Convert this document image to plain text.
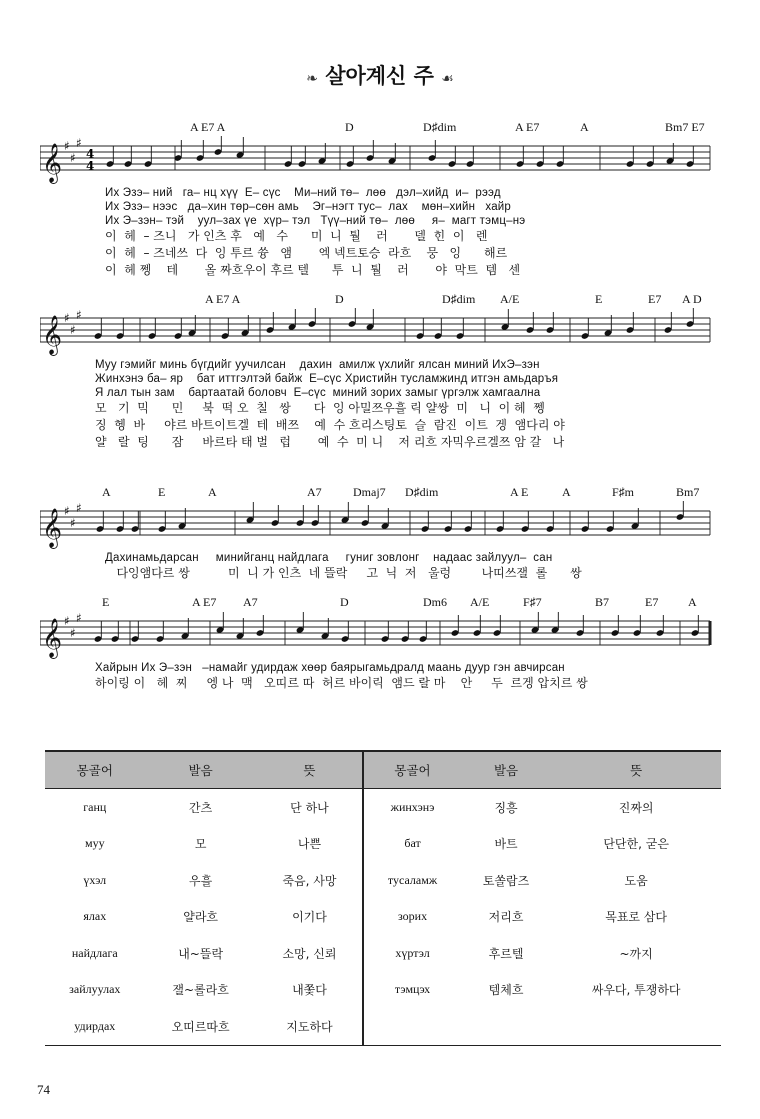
❧ 살아계신 주 ☙
A E7 A	D	D♯dim	A E7	A	Bm7 E7
𝄞 ♯
♯
♯
4
4
Их Эзэ– ний   га– нц хүү  Е– сүс    Ми–ний тө–  лөө   дэл–хийд  и–  рээд
Их Эзэ– нээс   да–хин төр–сөн амь    Эг–нэгт тус–  лах    мөн–хийн   хайр
Их Э–зэн– тэй    уул–зах үе  хүр– тэл   Түү–ний тө–  лөө     я–  магт тэмц–нэ
이  헤  – 즈니   가 인츠 후   예   수      미  니  퉐    러       델  힌  이   렌
이  헤  – 즈네쓰  다  잉 투르 쓩   앰       엑 넥트토승  라흐    뭉   잉      해르
이  헤 쩽    테       올 짜흐우이 후르 텔      투  니  퉐    러       야  막트  템   센
A E7 A	D	D♯dim A/E	E	E7 A D
𝄞 ♯
♯
♯
Муу гэмийг минь бүгдийг уучилсан    дахин  амилж үхлийг ялсан миний ИхЭ–зэн
Жинхэнэ ба– яр    бат иттгэлтэй байж  Е–сүс Христийн тусламжинд итгэн амьдаръя
Я лал тын зам    бартаатай боловч  Е–сүс  миний зорих замыг үргэлж хамгаална
모   기  믹      민     북  떡 오  칠   쌍      다  잉 아밀쯔우흘 릭 얄쌍  미   니  이 헤  쩽
징  헹  바     야르 바트이트겔  테  배쯔    예  수 흐리스팅토  슬  람진  이트  겡  앰다리 야
얄   랄  팅      잠     바르타 태 벌   럽       예  수  미 니    저 리흐 자믹우르겔쯔 암 갈   나
A	E	A	A7	Dmaj7 D♯dim	A E	A	F♯m	Bm7
𝄞 ♯
♯
♯
Дахинамьдарсан     минийганц найдлага     гуниг зовлонг    надаас зайлуул–  сан
다잉앰다르 쌍          미  니 가 인츠  네 뜰락     고  닉  저   울렁        나띠쓰잴  롤      쌍
E	A E7 A7	D	Dm6 A/E	F♯7	B7	E7 A
𝄞 ♯
♯
♯
Хайрын Их Э–зэн   –намайг удирдаж хөөр баярыгамьдралд маань дуур гэн авчирсан
하이링 이   헤  찌     엥 나  맥   오띠르 따  허르 바이릭  앰드 랄 마    안     두  르겡 압치르 쌍
몽골어	발음	뜻	몽골어	발음	뜻
ганц	간츠	단 하나	жинхэнэ	징흥	진짜의
муу	모	나쁜	бат	바트	단단한, 굳은
үхэл	우흘	죽음, 사망	тусаламж	토쏠람즈	도움
ялах	얄라흐	이기다	зорих	저리흐	목표로 삼다
найдлага	내~뜰락	소망, 신뢰	хүртэл	후르텔	~까지
зайлуулах	잴~롤라흐	내쫓다	тэмцэх	템체흐	싸우다, 투쟁하다
удирдах	오띠르따흐	지도하다			
74
